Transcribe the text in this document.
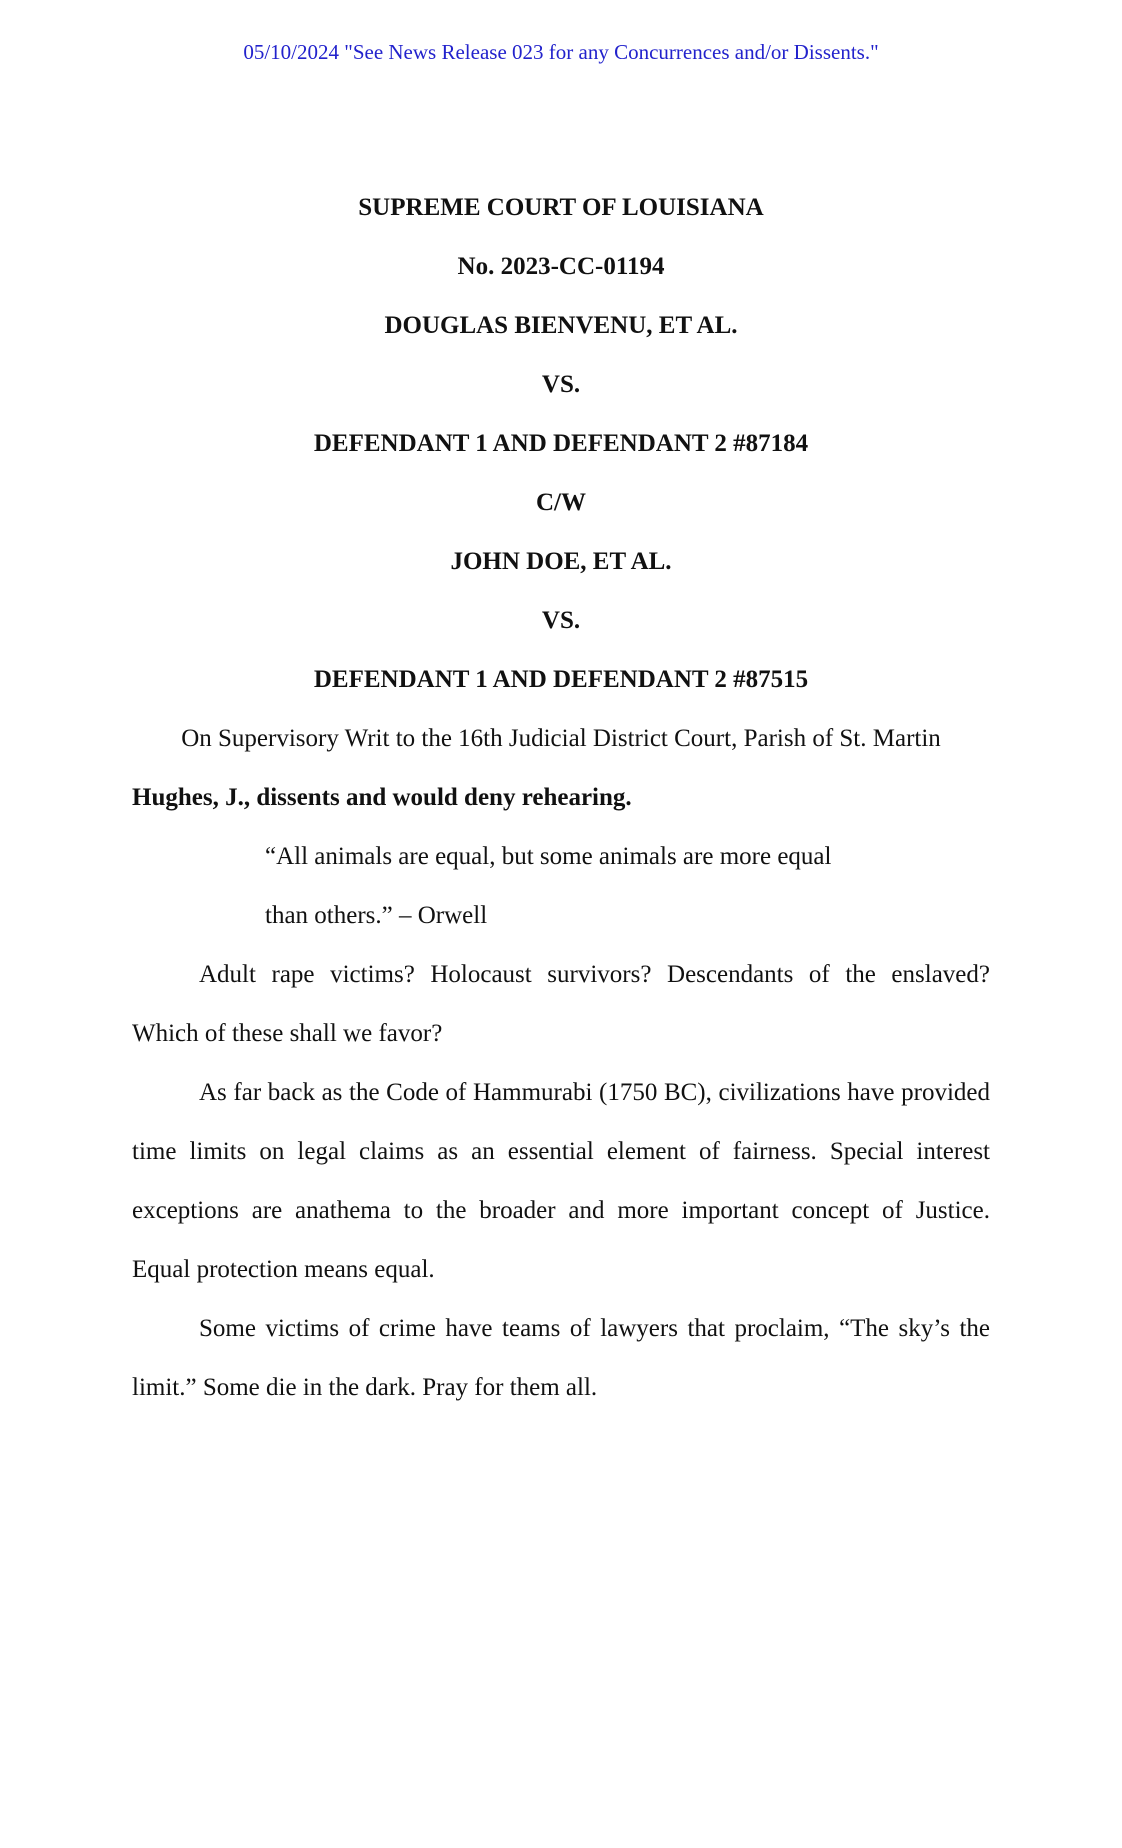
05/10/2024 "See News Release 023 for any Concurrences and/or Dissents."
SUPREME COURT OF LOUISIANA
No. 2023-CC-01194
DOUGLAS BIENVENU, ET AL.
VS.
DEFENDANT 1 AND DEFENDANT 2 #87184
C/W
JOHN DOE, ET AL.
VS.
DEFENDANT 1 AND DEFENDANT 2 #87515
On Supervisory Writ to the 16th Judicial District Court, Parish of St. Martin
Hughes, J., dissents and would deny rehearing.
“All animals are equal, but some animals are more equal
than others.” – Orwell
Adult rape victims? Holocaust survivors? Descendants of the enslaved?
Which of these shall we favor?
As far back as the Code of Hammurabi (1750 BC), civilizations have provided
time limits on legal claims as an essential element of fairness. Special interest
exceptions are anathema to the broader and more important concept of Justice.
Equal protection means equal.
Some victims of crime have teams of lawyers that proclaim, “The sky’s the
limit.” Some die in the dark. Pray for them all.
